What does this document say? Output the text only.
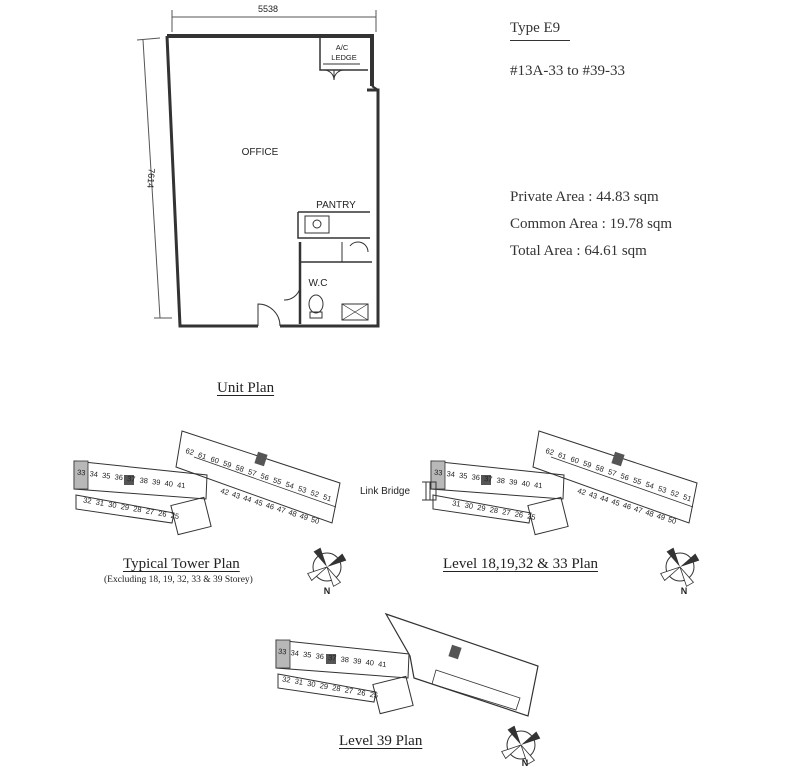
5538
7614
A/C
LEDGE
OFFICE
PANTRY
W.C
Type E9
#13A-33 to #39-33
Private Area : 44.83 sqm
Common Area : 19.78 sqm
Total Area : 64.61 sqm
Unit Plan
N
Link Bridge
N
N
33 34 35 36 37 38 39 40 41
32 31 30 29 28 27 26 25
62 61 60 59 58 57 56 55 54 53 52 51
42 43 44 45 46 47 48 49 50
33 34 35 36 37 38 39 40 41
31 30 29 28 27 26 25
62 61 60 59 58 57 56 55 54 53 52 51
42 43 44 45 46 47 48 49 50
33 34 35 36 37 38 39 40 41
32 31 30 29 28 27 26 25
Typical Tower Plan
(Excluding 18, 19, 32, 33 & 39 Storey)
Level 18,19,32 & 33 Plan
Level 39 Plan
